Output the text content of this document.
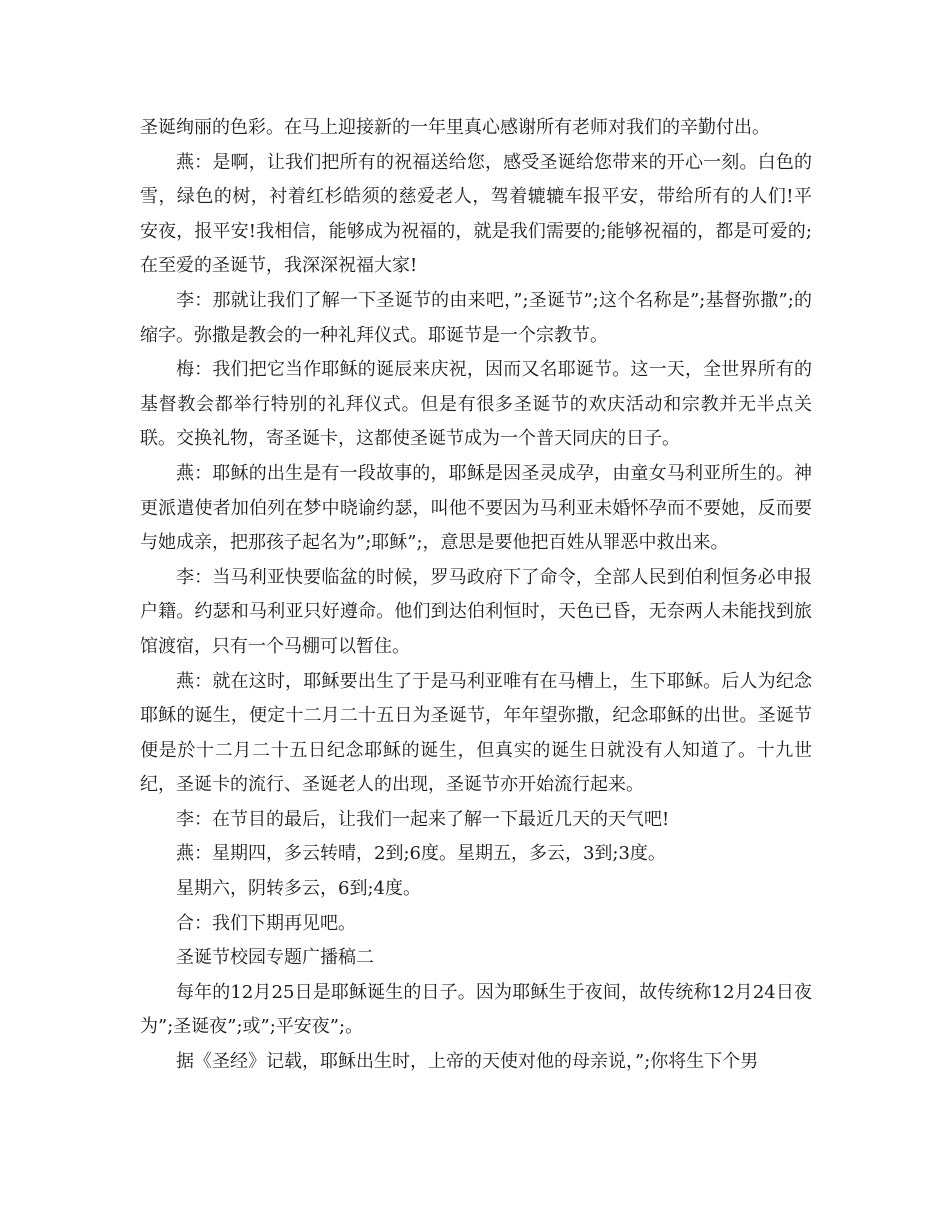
圣诞绚丽的色彩。在马上迎接新的一年里真心感谢所有老师对我们的辛勤付出。

燕：是啊，让我们把所有的祝福送给您，感受圣诞给您带来的开心一刻。白色的雪，绿色的树，衬着红杉皓须的慈爱老人，驾着辘辘车报平安，带给所有的人们!平安夜，报平安!我相信，能够成为祝福的，就是我们需要的;能够祝福的，都是可爱的;在至爱的圣诞节，我深深祝福大家!

李：那就让我们了解一下圣诞节的由来吧，”;圣诞节”;这个名称是”;基督弥撒”;的缩字。弥撒是教会的一种礼拜仪式。耶诞节是一个宗教节。

梅：我们把它当作耶稣的诞辰来庆祝，因而又名耶诞节。这一天，全世界所有的基督教会都举行特别的礼拜仪式。但是有很多圣诞节的欢庆活动和宗教并无半点关联。交换礼物，寄圣诞卡，这都使圣诞节成为一个普天同庆的日子。

燕：耶稣的出生是有一段故事的，耶稣是因圣灵成孕，由童女马利亚所生的。神更派遣使者加伯列在梦中晓谕约瑟，叫他不要因为马利亚未婚怀孕而不要她，反而要与她成亲，把那孩子起名为”;耶稣”;，意思是要他把百姓从罪恶中救出来。

李：当马利亚快要临盆的时候，罗马政府下了命令，全部人民到伯利恒务必申报户籍。约瑟和马利亚只好遵命。他们到达伯利恒时，天色已昏，无奈两人未能找到旅馆渡宿，只有一个马棚可以暂住。

燕：就在这时，耶稣要出生了于是马利亚唯有在马槽上，生下耶稣。后人为纪念耶稣的诞生，便定十二月二十五日为圣诞节，年年望弥撒，纪念耶稣的出世。圣诞节便是於十二月二十五日纪念耶稣的诞生，但真实的诞生日就没有人知道了。十九世纪，圣诞卡的流行、圣诞老人的出现，圣诞节亦开始流行起来。

李：在节目的最后，让我们一起来了解一下最近几天的天气吧!

燕：星期四，多云转晴，2到;6度。星期五，多云，3到;3度。

星期六，阴转多云，6到;4度。

合：我们下期再见吧。

圣诞节校园专题广播稿二

每年的12月25日是耶稣诞生的日子。因为耶稣生于夜间，故传统称12月24日夜为”;圣诞夜”;或”;平安夜”;。

据《圣经》记载，耶稣出生时，上帝的天使对他的母亲说，”;你将生下个男
